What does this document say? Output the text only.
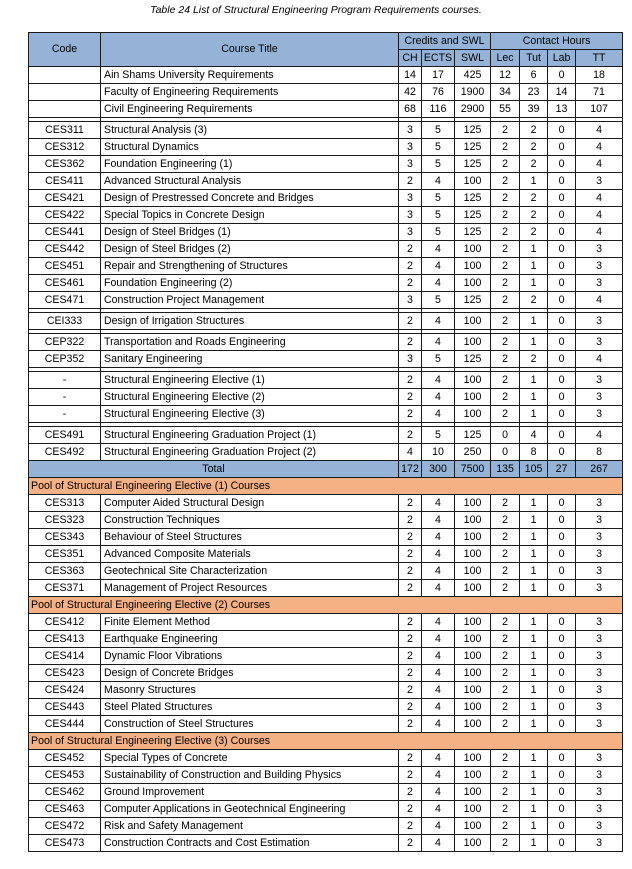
Table 24 List of Structural Engineering Program Requirements courses.
Code	Course Title	Credits and SWL			Contact Hours			
		CH	ECTS	SWL	Lec	Tut	Lab	TT
	Ain Shams University Requirements	14	17	425	12	6	0	18
	Faculty of Engineering Requirements	42	76	1900	34	23	14	71
	Civil Engineering Requirements	68	116	2900	55	39	13	107

CES311	Structural Analysis (3)	3	5	125	2	2	0	4
CES312	Structural Dynamics	3	5	125	2	2	0	4
CES362	Foundation Engineering (1)	3	5	125	2	2	0	4
CES411	Advanced Structural Analysis	2	4	100	2	1	0	3
CES421	Design of Prestressed Concrete and Bridges	3	5	125	2	2	0	4
CES422	Special Topics in Concrete Design	3	5	125	2	2	0	4
CES441	Design of Steel Bridges (1)	3	5	125	2	2	0	4
CES442	Design of Steel Bridges (2)	2	4	100	2	1	0	3
CES451	Repair and Strengthening of Structures	2	4	100	2	1	0	3
CES461	Foundation Engineering (2)	2	4	100	2	1	0	3
CES471	Construction Project Management	3	5	125	2	2	0	4

CEI333	Design of Irrigation Structures	2	4	100	2	1	0	3

CEP322	Transportation and Roads Engineering	2	4	100	2	1	0	3
CEP352	Sanitary Engineering	3	5	125	2	2	0	4

-	Structural Engineering Elective (1)	2	4	100	2	1	0	3
-	Structural Engineering Elective (2)	2	4	100	2	1	0	3
-	Structural Engineering Elective (3)	2	4	100	2	1	0	3

CES491	Structural Engineering Graduation Project (1)	2	5	125	0	4	0	4
CES492	Structural Engineering Graduation Project (2)	4	10	250	0	8	0	8
Total		172	300	7500	135	105	27	267
Pool of Structural Engineering Elective (1) Courses								
CES313	Computer Aided Structural Design	2	4	100	2	1	0	3
CES323	Construction Techniques	2	4	100	2	1	0	3
CES343	Behaviour of Steel Structures	2	4	100	2	1	0	3
CES351	Advanced Composite Materials	2	4	100	2	1	0	3
CES363	Geotechnical Site Characterization	2	4	100	2	1	0	3
CES371	Management of Project Resources	2	4	100	2	1	0	3
Pool of Structural Engineering Elective (2) Courses								
CES412	Finite Element Method	2	4	100	2	1	0	3
CES413	Earthquake Engineering	2	4	100	2	1	0	3
CES414	Dynamic Floor Vibrations	2	4	100	2	1	0	3
CES423	Design of Concrete Bridges	2	4	100	2	1	0	3
CES424	Masonry Structures	2	4	100	2	1	0	3
CES443	Steel Plated Structures	2	4	100	2	1	0	3
CES444	Construction of Steel Structures	2	4	100	2	1	0	3
Pool of Structural Engineering Elective (3) Courses								
CES452	Special Types of Concrete	2	4	100	2	1	0	3
CES453	Sustainability of Construction and Building Physics	2	4	100	2	1	0	3
CES462	Ground Improvement	2	4	100	2	1	0	3
CES463	Computer Applications in Geotechnical Engineering	2	4	100	2	1	0	3
CES472	Risk and Safety Management	2	4	100	2	1	0	3
CES473	Construction Contracts and Cost Estimation	2	4	100	2	1	0	3
